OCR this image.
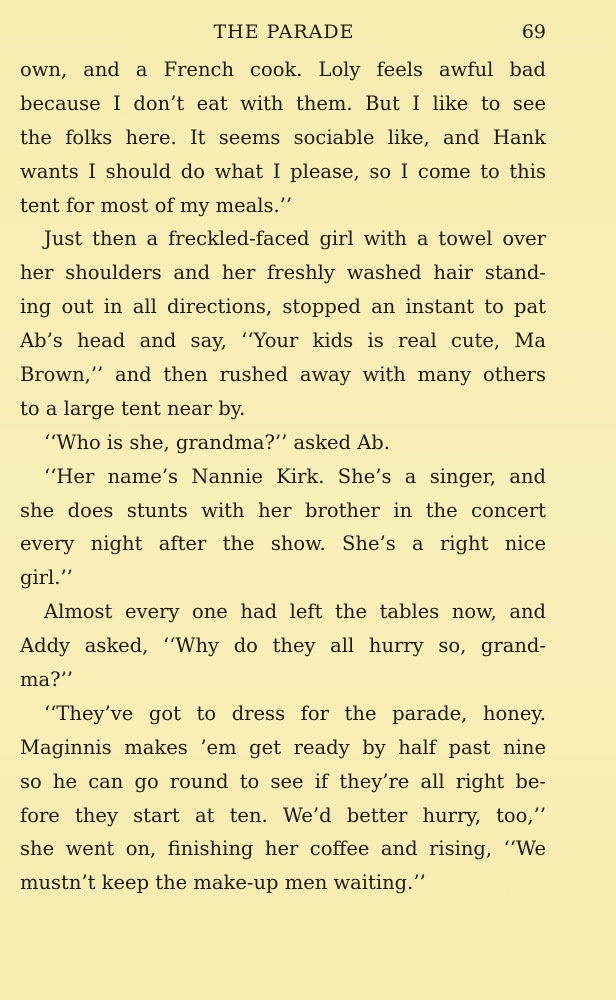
THE PARADE	69
own, and a French cook. Loly feels awful bad
because I don’t eat with them. But I like to see
the folks here. It seems sociable like, and Hank
wants I should do what I please, so I come to this
tent for most of my meals.’’
Just then a freckled-faced girl with a towel over
her shoulders and her freshly washed hair stand-
ing out in all directions, stopped an instant to pat
Ab’s head and say, ‘‘Your kids is real cute, Ma
Brown,’’ and then rushed away with many others
to a large tent near by.
‘‘Who is she, grandma?’’ asked Ab.
‘‘Her name’s Nannie Kirk. She’s a singer, and
she does stunts with her brother in the concert
every night after the show. She’s a right nice
girl.’’
Almost every one had left the tables now, and
Addy asked, ‘‘Why do they all hurry so, grand-
ma?’’
‘‘They’ve got to dress for the parade, honey.
Maginnis makes ’em get ready by half past nine
so he can go round to see if they’re all right be-
fore they start at ten. We’d better hurry, too,’’
she went on, finishing her coffee and rising, ‘‘We
mustn’t keep the make-up men waiting.’’
